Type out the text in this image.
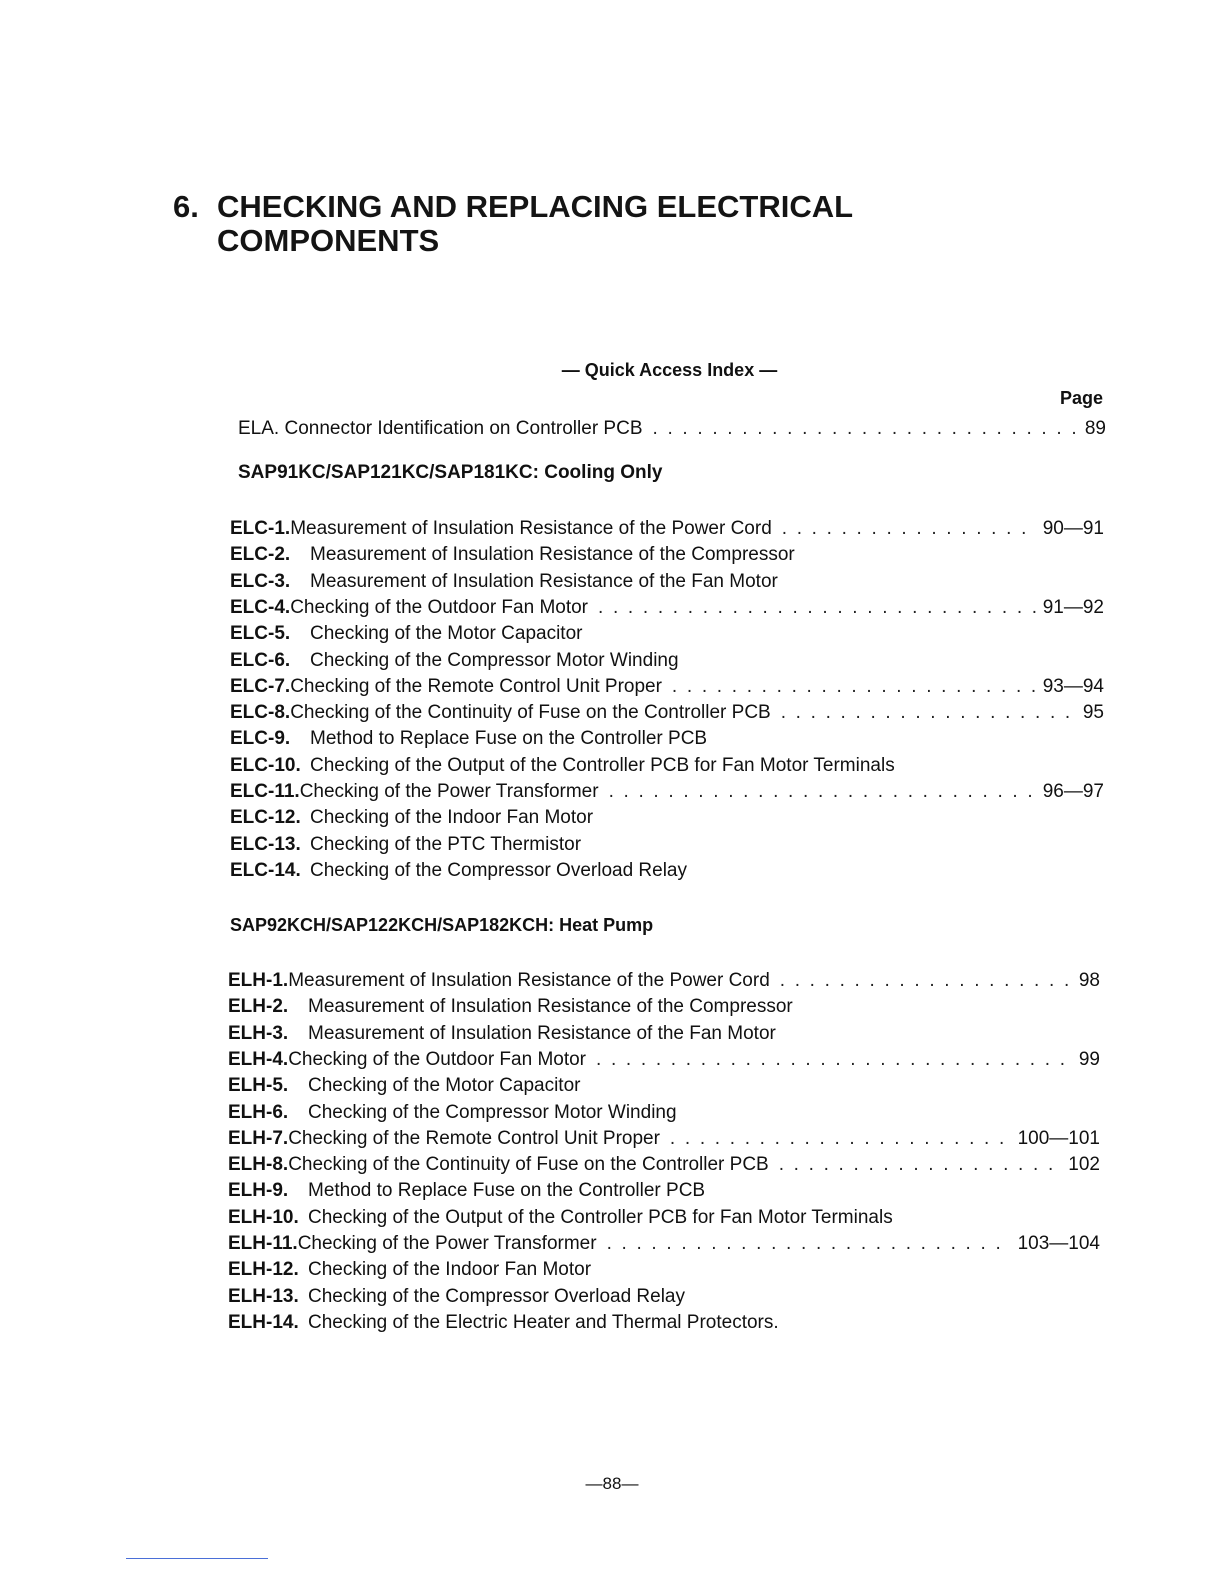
6. CHECKING AND REPLACING ELECTRICAL
COMPONENTS
— Quick Access Index —
Page
ELA. Connector Identification on Controller PCB . . .	89
SAP91KC/SAP121KC/SAP181KC: Cooling Only
ELC-1. Measurement of Insulation Resistance of the Power Cord . . .	90—91
ELC-2.	Measurement of Insulation Resistance of the Compressor
ELC-3.	Measurement of Insulation Resistance of the Fan Motor
ELC-4. Checking of the Outdoor Fan Motor . . .	91—92
ELC-5.	Checking of the Motor Capacitor
ELC-6.	Checking of the Compressor Motor Winding
ELC-7. Checking of the Remote Control Unit Proper . . .	93—94
ELC-8. Checking of the Continuity of Fuse on the Controller PCB . . .	95
ELC-9.	Method to Replace Fuse on the Controller PCB
ELC-10. Checking of the Output of the Controller PCB for Fan Motor Terminals
ELC-11. Checking of the Power Transformer . . .	96—97
ELC-12. Checking of the Indoor Fan Motor
ELC-13. Checking of the PTC Thermistor
ELC-14. Checking of the Compressor Overload Relay
SAP92KCH/SAP122KCH/SAP182KCH: Heat Pump
ELH-1. Measurement of Insulation Resistance of the Power Cord . . .	98
ELH-2.	Measurement of Insulation Resistance of the Compressor
ELH-3.	Measurement of Insulation Resistance of the Fan Motor
ELH-4. Checking of the Outdoor Fan Motor . . .	99
ELH-5.	Checking of the Motor Capacitor
ELH-6.	Checking of the Compressor Motor Winding
ELH-7. Checking of the Remote Control Unit Proper . . .	100—101
ELH-8. Checking of the Continuity of Fuse on the Controller PCB . . .	102
ELH-9.	Method to Replace Fuse on the Controller PCB
ELH-10. Checking of the Output of the Controller PCB for Fan Motor Terminals
ELH-11. Checking of the Power Transformer . . .	103—104
ELH-12. Checking of the Indoor Fan Motor
ELH-13. Checking of the Compressor Overload Relay
ELH-14. Checking of the Electric Heater and Thermal Protectors.
—88—
